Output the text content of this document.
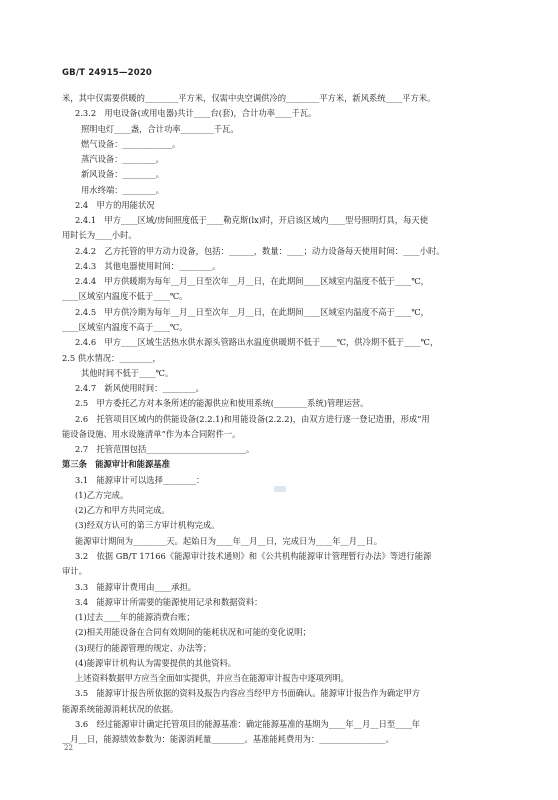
GB/T 24915—2020
米，其中仅需要供暖的________平方米，仅需中央空调供冷的________平方米，新风系统____平方米。
2.3.2　用电设备(或用电器)共计____台(套)，合计功率____千瓦。
照明电灯____盏，合计功率________千瓦。
燃气设备：____________。
蒸汽设备：________。
新风设备：________。
用水终端：________。
2.4　甲方的用能状况
2.4.1　甲方____区域/房间照度低于____勒克斯(lx)时，开启该区域内____型号照明灯具，每天使
用时长为____小时。
2.4.2　乙方托管的甲方动力设备，包括：______，数量：____；动力设备每天使用时间：____小时。
2.4.3　其他电器使用时间：________。
2.4.4　甲方供暖期为每年__月__日至次年__月__日，在此期间____区域室内温度不低于____℃，
____区域室内温度不低于____℃。
2.4.5　甲方供冷期为每年__月__日至次年__月__日，在此期间____区域室内温度不高于____℃，
____区域室内温度不高于____℃。
2.4.6　甲方____区域生活热水供水源头管路出水温度供暖期不低于____℃，供冷期不低于____℃，
2.5 供水情况：________，
其他时间不低于____℃。
2.4.7　新风使用时间：________。
2.5　甲方委托乙方对本条所述的能源供应和使用系统(________系统)管理运营。
2.6　托管项目区域内的供能设备(2.2.1)和用能设备(2.2.2)，由双方进行逐一登记造册，形成“用
能设备设施、用水设施清单”作为本合同附件一。
2.7　托管范围包括________________________。
第三条　能源审计和能源基准
3.1　能源审计可以选择________：
(1)乙方完成。
(2)乙方和甲方共同完成。
(3)经双方认可的第三方审计机构完成。
能源审计期间为________天。起始日为____年__月__日，完成日为____年__月__日。
3.2　依据 GB/T 17166《能源审计技术通则》和《公共机构能源审计管理暂行办法》等进行能源
审计。
3.3　能源审计费用由____承担。
3.4　能源审计所需要的能源使用记录和数据资料：
(1)过去____年的能源消费台账；
(2)相关用能设备在合同有效期间的能耗状况和可能的变化说明；
(3)现行的能源管理的规定、办法等；
(4)能源审计机构认为需要提供的其他资料。
上述资料数据甲方应当全面如实提供，并应当在能源审计报告中逐项列明。
3.5　能源审计报告所依据的资料及报告内容应当经甲方书面确认。能源审计报告作为确定甲方
能源系统能源消耗状况的依据。
3.6　经过能源审计确定托管项目的能源基准：确定能源基准的基期为____年__月__日至____年
__月__日，能源绩效参数为：能源消耗量________。基准能耗费用为：________________。
22
